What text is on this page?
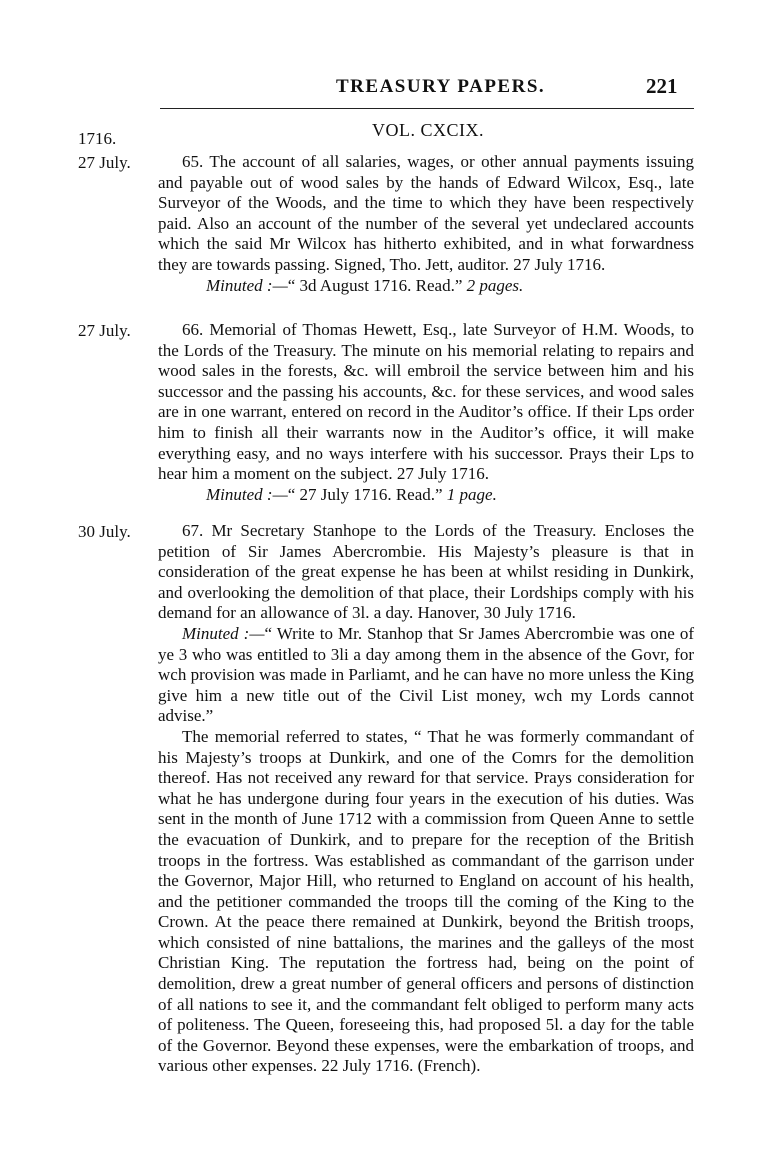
TREASURY PAPERS.	221
VOL. CXCIX.
1716.
27 July.
27 July.
30 July.

65. The account of all salaries, wages, or other annual payments issuing and payable out of wood sales by the hands of Edward Wilcox, Esq., late Surveyor of the Woods, and the time to which they have been respectively paid. Also an account of the number of the several yet undeclared accounts which the said Mr Wilcox has hitherto exhibited, and in what forwardness they are towards passing. Signed, Tho. Jett, auditor. 27 July 1716.

Minuted :—“ 3d August 1716. Read.” 2 pages.

66. Memorial of Thomas Hewett, Esq., late Surveyor of H.M. Woods, to the Lords of the Treasury. The minute on his memorial relating to repairs and wood sales in the forests, &c. will embroil the service between him and his successor and the passing his accounts, &c. for these services, and wood sales are in one warrant, entered on record in the Auditor’s office. If their Lps order him to finish all their warrants now in the Auditor’s office, it will make everything easy, and no ways interfere with his successor. Prays their Lps to hear him a moment on the subject. 27 July 1716.

Minuted :—“ 27 July 1716. Read.” 1 page.

67. Mr Secretary Stanhope to the Lords of the Treasury. Encloses the petition of Sir James Abercrombie. His Majesty’s pleasure is that in consideration of the great expense he has been at whilst residing in Dunkirk, and overlooking the demolition of that place, their Lordships comply with his demand for an allowance of 3l. a day. Hanover, 30 July 1716.

Minuted :—“ Write to Mr. Stanhop that Sr James Abercrombie was one of ye 3 who was entitled to 3li a day among them in the absence of the Govr, for wch provision was made in Parliamt, and he can have no more unless the King give him a new title out of the Civil List money, wch my Lords cannot advise.”

The memorial referred to states, “ That he was formerly commandant of his Majesty’s troops at Dunkirk, and one of the Comrs for the demolition thereof. Has not received any reward for that service. Prays consideration for what he has undergone during four years in the execution of his duties. Was sent in the month of June 1712 with a commission from Queen Anne to settle the evacuation of Dunkirk, and to prepare for the reception of the British troops in the fortress. Was established as commandant of the garrison under the Governor, Major Hill, who returned to England on account of his health, and the petitioner commanded the troops till the coming of the King to the Crown. At the peace there remained at Dunkirk, beyond the British troops, which consisted of nine battalions, the marines and the galleys of the most Christian King. The reputation the fortress had, being on the point of demolition, drew a great number of general officers and persons of distinction of all nations to see it, and the commandant felt obliged to perform many acts of politeness. The Queen, foreseeing this, had proposed 5l. a day for the table of the Governor. Beyond these expenses, were the embarkation of troops, and various other expenses. 22 July 1716. (French).
